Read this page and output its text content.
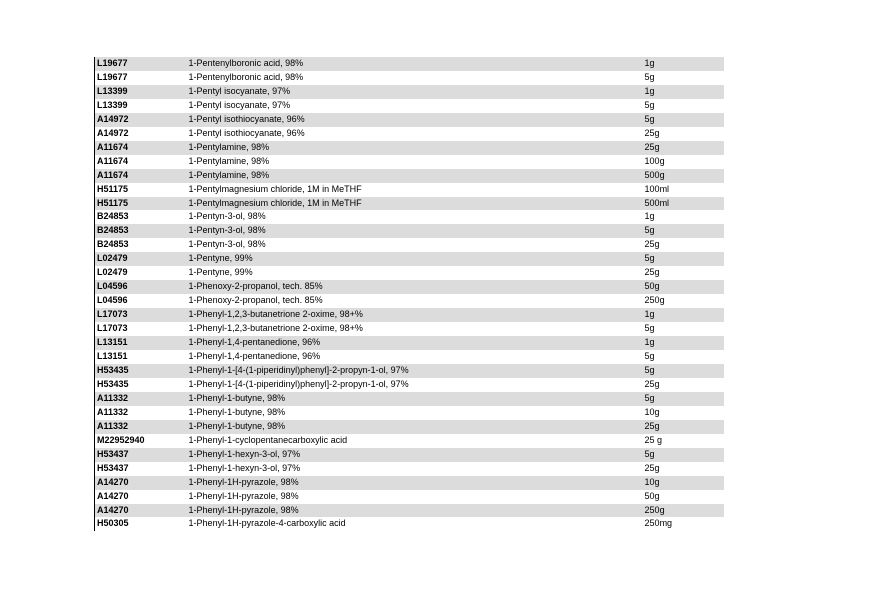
L19677	1-Pentenylboronic acid, 98%	1g
L19677	1-Pentenylboronic acid, 98%	5g
L13399	1-Pentyl isocyanate, 97%	1g
L13399	1-Pentyl isocyanate, 97%	5g
A14972	1-Pentyl isothiocyanate, 96%	5g
A14972	1-Pentyl isothiocyanate, 96%	25g
A11674	1-Pentylamine, 98%	25g
A11674	1-Pentylamine, 98%	100g
A11674	1-Pentylamine, 98%	500g
H51175	1-Pentylmagnesium chloride, 1M in MeTHF	100ml
H51175	1-Pentylmagnesium chloride, 1M in MeTHF	500ml
B24853	1-Pentyn-3-ol, 98%	1g
B24853	1-Pentyn-3-ol, 98%	5g
B24853	1-Pentyn-3-ol, 98%	25g
L02479	1-Pentyne, 99%	5g
L02479	1-Pentyne, 99%	25g
L04596	1-Phenoxy-2-propanol, tech. 85%	50g
L04596	1-Phenoxy-2-propanol, tech. 85%	250g
L17073	1-Phenyl-1,2,3-butanetrione 2-oxime, 98+%	1g
L17073	1-Phenyl-1,2,3-butanetrione 2-oxime, 98+%	5g
L13151	1-Phenyl-1,4-pentanedione, 96%	1g
L13151	1-Phenyl-1,4-pentanedione, 96%	5g
H53435	1-Phenyl-1-[4-(1-piperidinyl)phenyl]-2-propyn-1-ol, 97%	5g
H53435	1-Phenyl-1-[4-(1-piperidinyl)phenyl]-2-propyn-1-ol, 97%	25g
A11332	1-Phenyl-1-butyne, 98%	5g
A11332	1-Phenyl-1-butyne, 98%	10g
A11332	1-Phenyl-1-butyne, 98%	25g
M22952940	1-Phenyl-1-cyclopentanecarboxylic acid	25 g
H53437	1-Phenyl-1-hexyn-3-ol, 97%	5g
H53437	1-Phenyl-1-hexyn-3-ol, 97%	25g
A14270	1-Phenyl-1H-pyrazole, 98%	10g
A14270	1-Phenyl-1H-pyrazole, 98%	50g
A14270	1-Phenyl-1H-pyrazole, 98%	250g
H50305	1-Phenyl-1H-pyrazole-4-carboxylic acid	250mg
